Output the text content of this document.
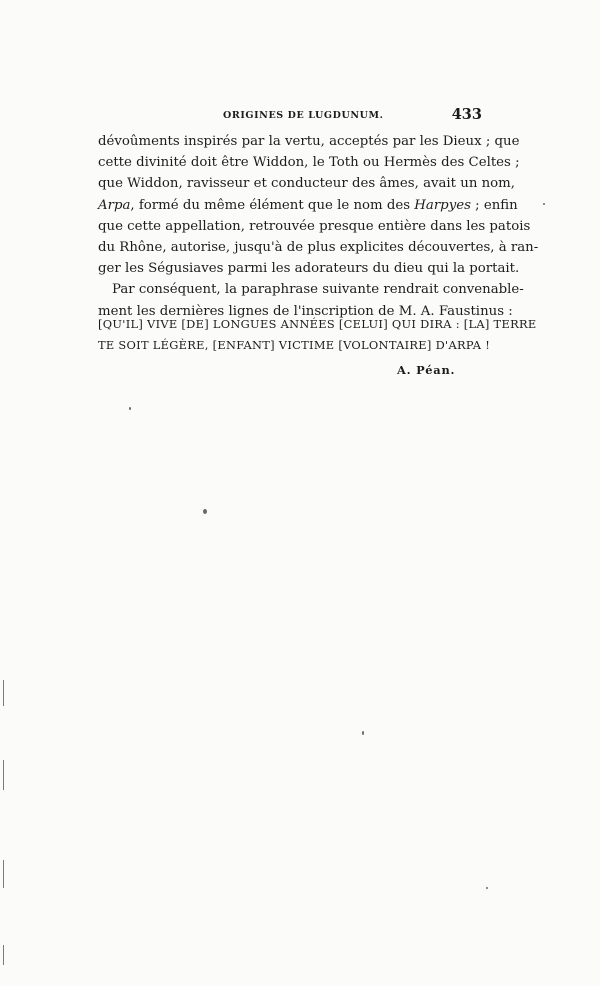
ORIGINES DE LUGDUNUM.	433
dévoûments inspirés par la vertu, acceptés par les Dieux ; que
cette divinité doit être Widdon, le Toth ou Hermès des Celtes ;
que Widdon, ravisseur et conducteur des âmes, avait un nom,
Arpa, formé du même élément que le nom des Harpyes ; enfin
que cette appellation, retrouvée presque entière dans les patois
du Rhône, autorise, jusqu'à de plus explicites découvertes, à ran-
ger les Ségusiaves parmi les adorateurs du dieu qui la portait.
Par conséquent, la paraphrase suivante rendrait convenable-
ment les dernières lignes de l'inscription de M. A. Faustinus :
[QU'IL] VIVE [DE] LONGUES ANNÉES [CELUI] QUI DIRA : [LA] TERRE
TE SOIT LÉGÈRE, [ENFANT] VICTIME [VOLONTAIRE] D'ARPA !
A. Péan.
